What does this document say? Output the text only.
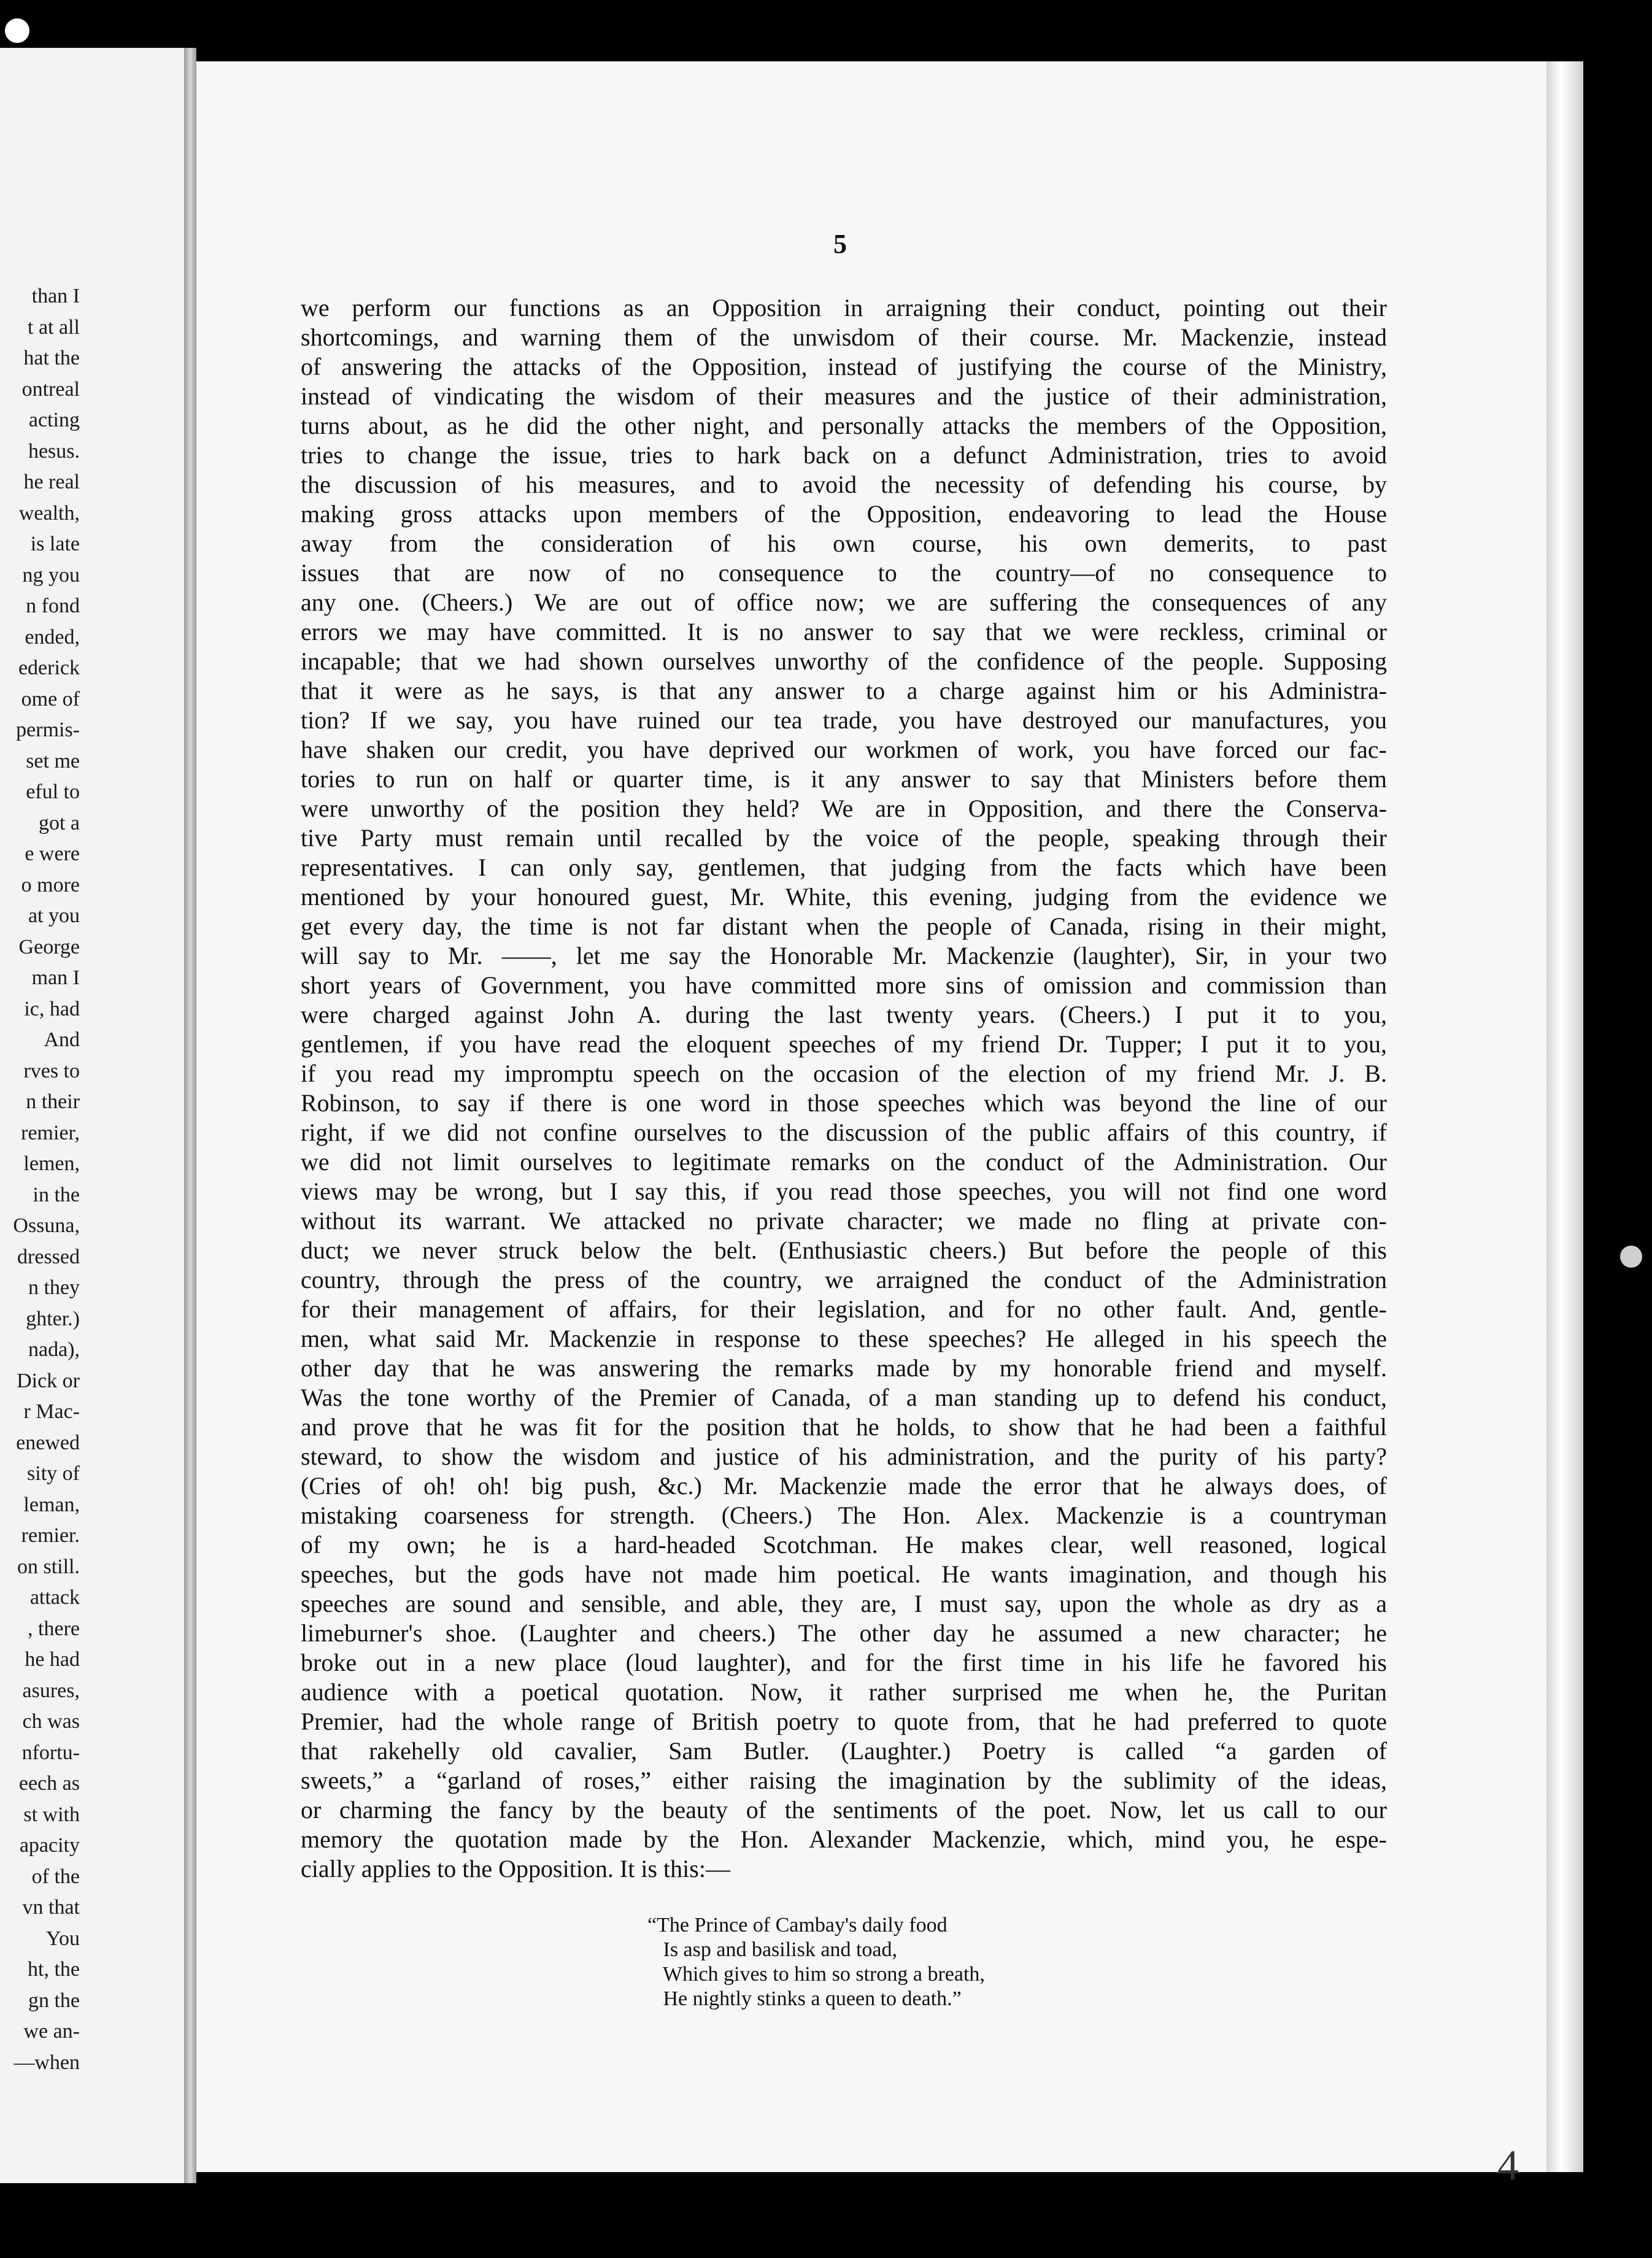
than I
t at all
hat the
ontreal
acting
hesus.
he real
wealth,
is late
ng you
n fond
ended,
ederick
ome of
permis-
set me
eful to
got a
e were
o more
at you
George
man I
ic, had
And
rves to
n their
remier,
lemen,
in the
Ossuna,
dressed
n they
ghter.)
nada),
Dick or
r Mac-
enewed
sity of
leman,
remier.
on still.
attack
, there
he had
asures,
ch was
nfortu-
eech as
st with
apacity
of the
vn that
You
ht, the
gn the
we an-
—when
5
we perform our functions as an Opposition in arraigning their conduct, pointing out their
shortcomings, and warning them of the unwisdom of their course. Mr. Mackenzie, instead
of answering the attacks of the Opposition, instead of justifying the course of the Ministry,
instead of vindicating the wisdom of their measures and the justice of their administration,
turns about, as he did the other night, and personally attacks the members of the Opposition,
tries to change the issue, tries to hark back on a defunct Administration, tries to avoid
the discussion of his measures, and to avoid the necessity of defending his course, by
making gross attacks upon members of the Opposition, endeavoring to lead the House
away from the consideration of his own course, his own demerits, to past
issues that are now of no consequence to the country—of no consequence to
any one. (Cheers.) We are out of office now; we are suffering the consequences of any
errors we may have committed. It is no answer to say that we were reckless, criminal or
incapable; that we had shown ourselves unworthy of the confidence of the people. Supposing
that it were as he says, is that any answer to a charge against him or his Administra-
tion? If we say, you have ruined our tea trade, you have destroyed our manufactures, you
have shaken our credit, you have deprived our workmen of work, you have forced our fac-
tories to run on half or quarter time, is it any answer to say that Ministers before them
were unworthy of the position they held? We are in Opposition, and there the Conserva-
tive Party must remain until recalled by the voice of the people, speaking through their
representatives. I can only say, gentlemen, that judging from the facts which have been
mentioned by your honoured guest, Mr. White, this evening, judging from the evidence we
get every day, the time is not far distant when the people of Canada, rising in their might,
will say to Mr. ——, let me say the Honorable Mr. Mackenzie (laughter), Sir, in your two
short years of Government, you have committed more sins of omission and commission than
were charged against John A. during the last twenty years. (Cheers.) I put it to you,
gentlemen, if you have read the eloquent speeches of my friend Dr. Tupper; I put it to you,
if you read my impromptu speech on the occasion of the election of my friend Mr. J. B.
Robinson, to say if there is one word in those speeches which was beyond the line of our
right, if we did not confine ourselves to the discussion of the public affairs of this country, if
we did not limit ourselves to legitimate remarks on the conduct of the Administration. Our
views may be wrong, but I say this, if you read those speeches, you will not find one word
without its warrant. We attacked no private character; we made no fling at private con-
duct; we never struck below the belt. (Enthusiastic cheers.) But before the people of this
country, through the press of the country, we arraigned the conduct of the Administration
for their management of affairs, for their legislation, and for no other fault. And, gentle-
men, what said Mr. Mackenzie in response to these speeches? He alleged in his speech the
other day that he was answering the remarks made by my honorable friend and myself.
Was the tone worthy of the Premier of Canada, of a man standing up to defend his conduct,
and prove that he was fit for the position that he holds, to show that he had been a faithful
steward, to show the wisdom and justice of his administration, and the purity of his party?
(Cries of oh! oh! big push, &c.) Mr. Mackenzie made the error that he always does, of
mistaking coarseness for strength. (Cheers.) The Hon. Alex. Mackenzie is a countryman
of my own; he is a hard-headed Scotchman. He makes clear, well reasoned, logical
speeches, but the gods have not made him poetical. He wants imagination, and though his
speeches are sound and sensible, and able, they are, I must say, upon the whole as dry as a
limeburner's shoe. (Laughter and cheers.) The other day he assumed a new character; he
broke out in a new place (loud laughter), and for the first time in his life he favored his
audience with a poetical quotation. Now, it rather surprised me when he, the Puritan
Premier, had the whole range of British poetry to quote from, that he had preferred to quote
that rakehelly old cavalier, Sam Butler. (Laughter.) Poetry is called “a garden of
sweets,” a “garland of roses,” either raising the imagination by the sublimity of the ideas,
or charming the fancy by the beauty of the sentiments of the poet. Now, let us call to our
memory the quotation made by the Hon. Alexander Mackenzie, which, mind you, he espe-
cially applies to the Opposition. It is this:—
“The Prince of Cambay's daily food
Is asp and basilisk and toad,
Which gives to him so strong a breath,
He nightly stinks a queen to death.”
4
